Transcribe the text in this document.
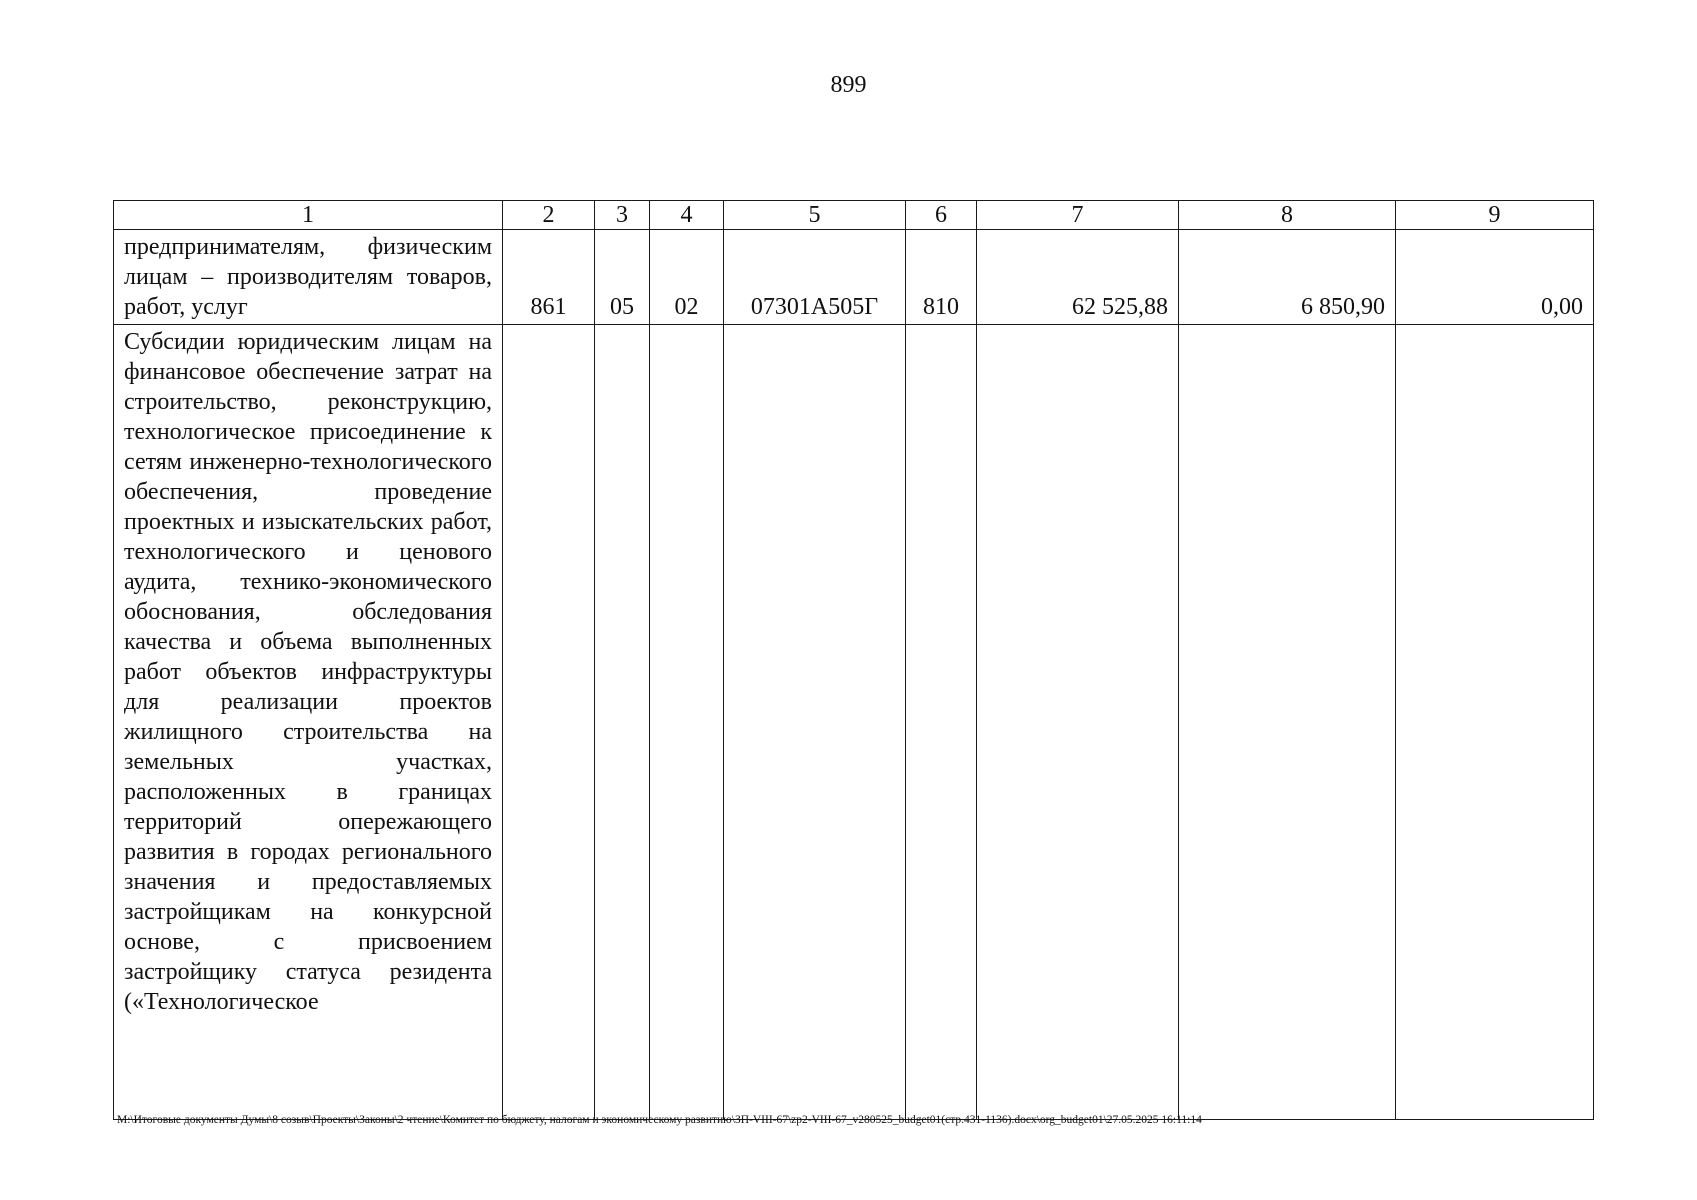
899
1	2	3	4	5	6	7	8	9
предпринимателям, физическим лицам – производителям товаров, работ, услуг	861	05	02	07301А505Г	810	62 525,88	6 850,90	0,00
Субсидии юридическим лицам на финансовое обеспечение затрат на строительство, реконструкцию, технологическое присоединение к сетям инженерно-технологического обеспечения, проведение проектных и изыскательских работ, технологического и ценового аудита, технико-экономического обоснования, обследования качества и объема выполненных работ объектов инфраструктуры для реализации проектов жилищного строительства на земельных участках, расположенных в границах территорий опережающего развития в городах регионального значения и предоставляемых застройщикам на конкурсной основе, с присвоением застройщику статуса резидента («Технологическое								
М:\Итоговые документы Думы\8 созыв\Проекты\Законы\2 чтение\Комитет по бюджету, налогам и экономическому развитию\ЗП-VIII-67\zp2-VIII-67_v280525_budget01(стр.431-1136).docx\org_budget01\27.05.2025 16:11:14
